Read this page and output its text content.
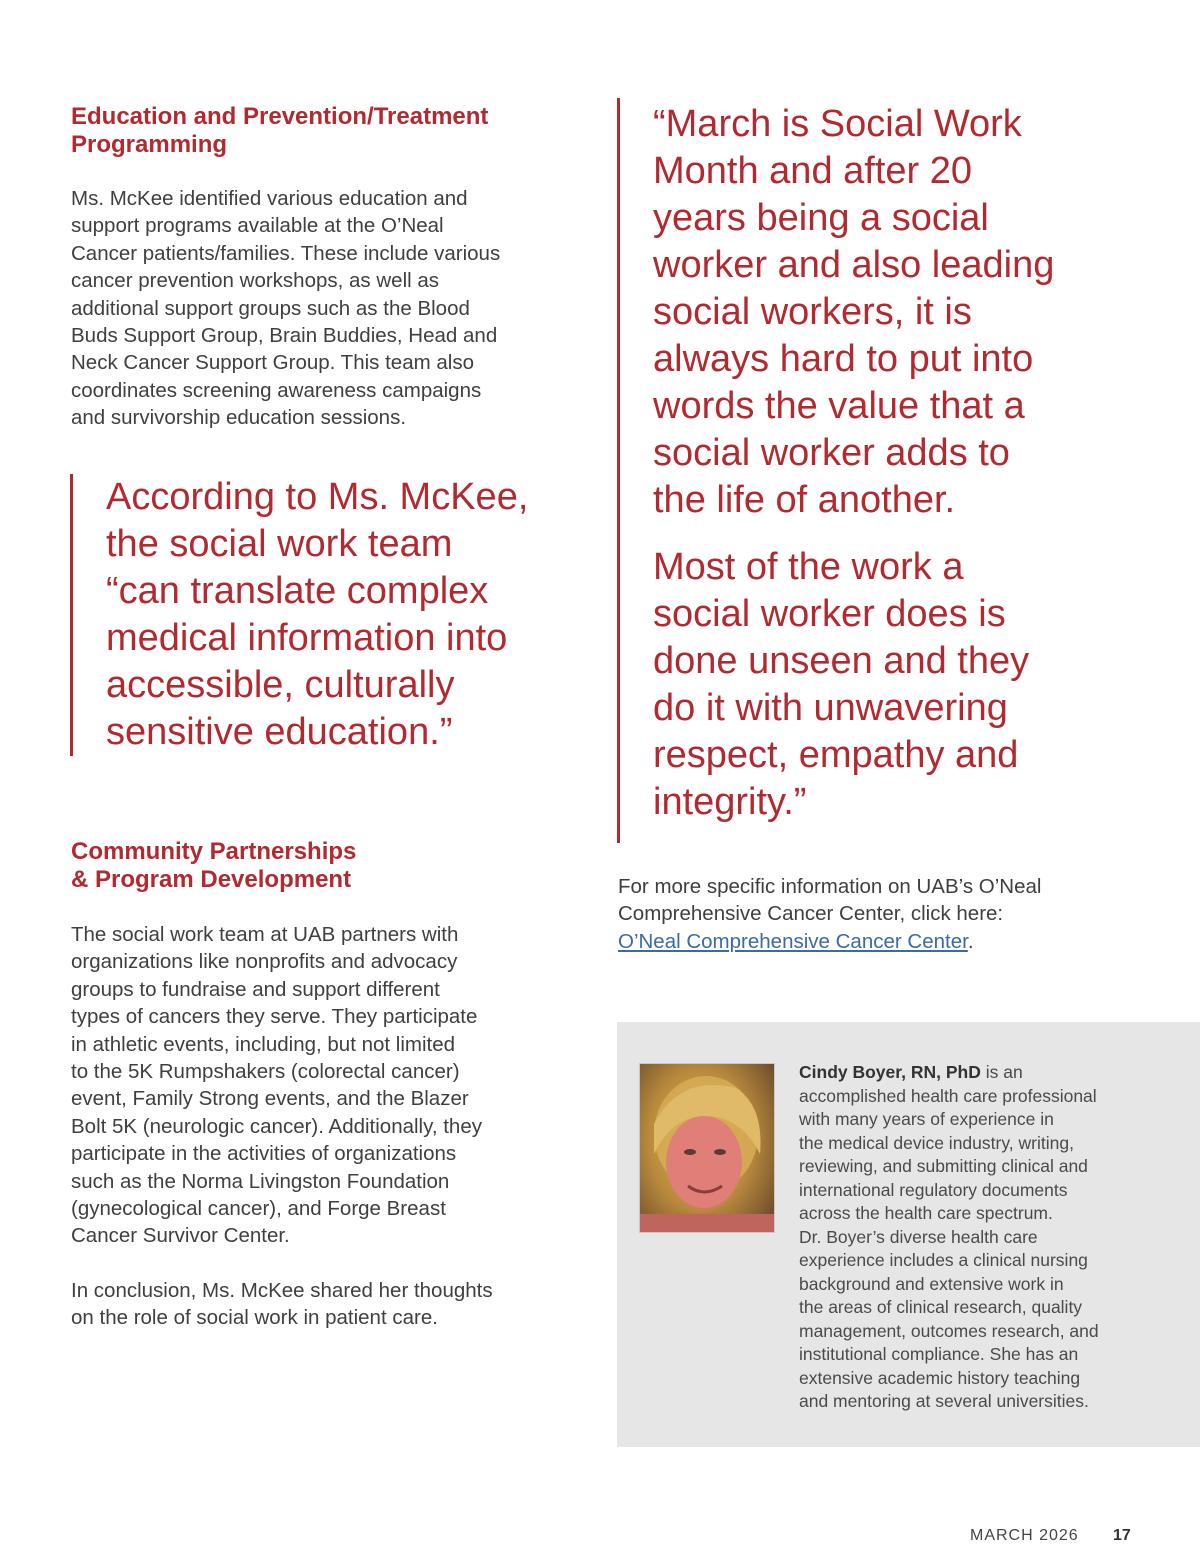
Education and Prevention/Treatment
Programming

Ms. McKee identified various education and
support programs available at the O’Neal
Cancer patients/families. These include various
cancer prevention workshops, as well as
additional support groups such as the Blood
Buds Support Group, Brain Buddies, Head and
Neck Cancer Support Group. This team also
coordinates screening awareness campaigns
and survivorship education sessions.

According to Ms. McKee,
the social work team
“can translate complex
medical information into
accessible, culturally
sensitive education.”

Community Partnerships
& Program Development

The social work team at UAB partners with
organizations like nonprofits and advocacy
groups to fundraise and support different
types of cancers they serve. They participate
in athletic events, including, but not limited
to the 5K Rumpshakers (colorectal cancer)
event, Family Strong events, and the Blazer
Bolt 5K (neurologic cancer). Additionally, they
participate in the activities of organizations
such as the Norma Livingston Foundation
(gynecological cancer), and Forge Breast
Cancer Survivor Center.

In conclusion, Ms. McKee shared her thoughts
on the role of social work in patient care.

“March is Social Work
Month and after 20
years being a social
worker and also leading
social workers, it is
always hard to put into
words the value that a
social worker adds to
the life of another.

Most of the work a
social worker does is
done unseen and they
do it with unwavering
respect, empathy and
integrity.”

For more specific information on UAB’s O’Neal
Comprehensive Cancer Center, click here:
O’Neal Comprehensive Cancer Center.

Cindy Boyer, RN, PhD is an
accomplished health care professional
with many years of experience in
the medical device industry, writing,
reviewing, and submitting clinical and
international regulatory documents
across the health care spectrum.
Dr. Boyer’s diverse health care
experience includes a clinical nursing
background and extensive work in
the areas of clinical research, quality
management, outcomes research, and
institutional compliance. She has an
extensive academic history teaching
and mentoring at several universities.

MARCH 2026 17
